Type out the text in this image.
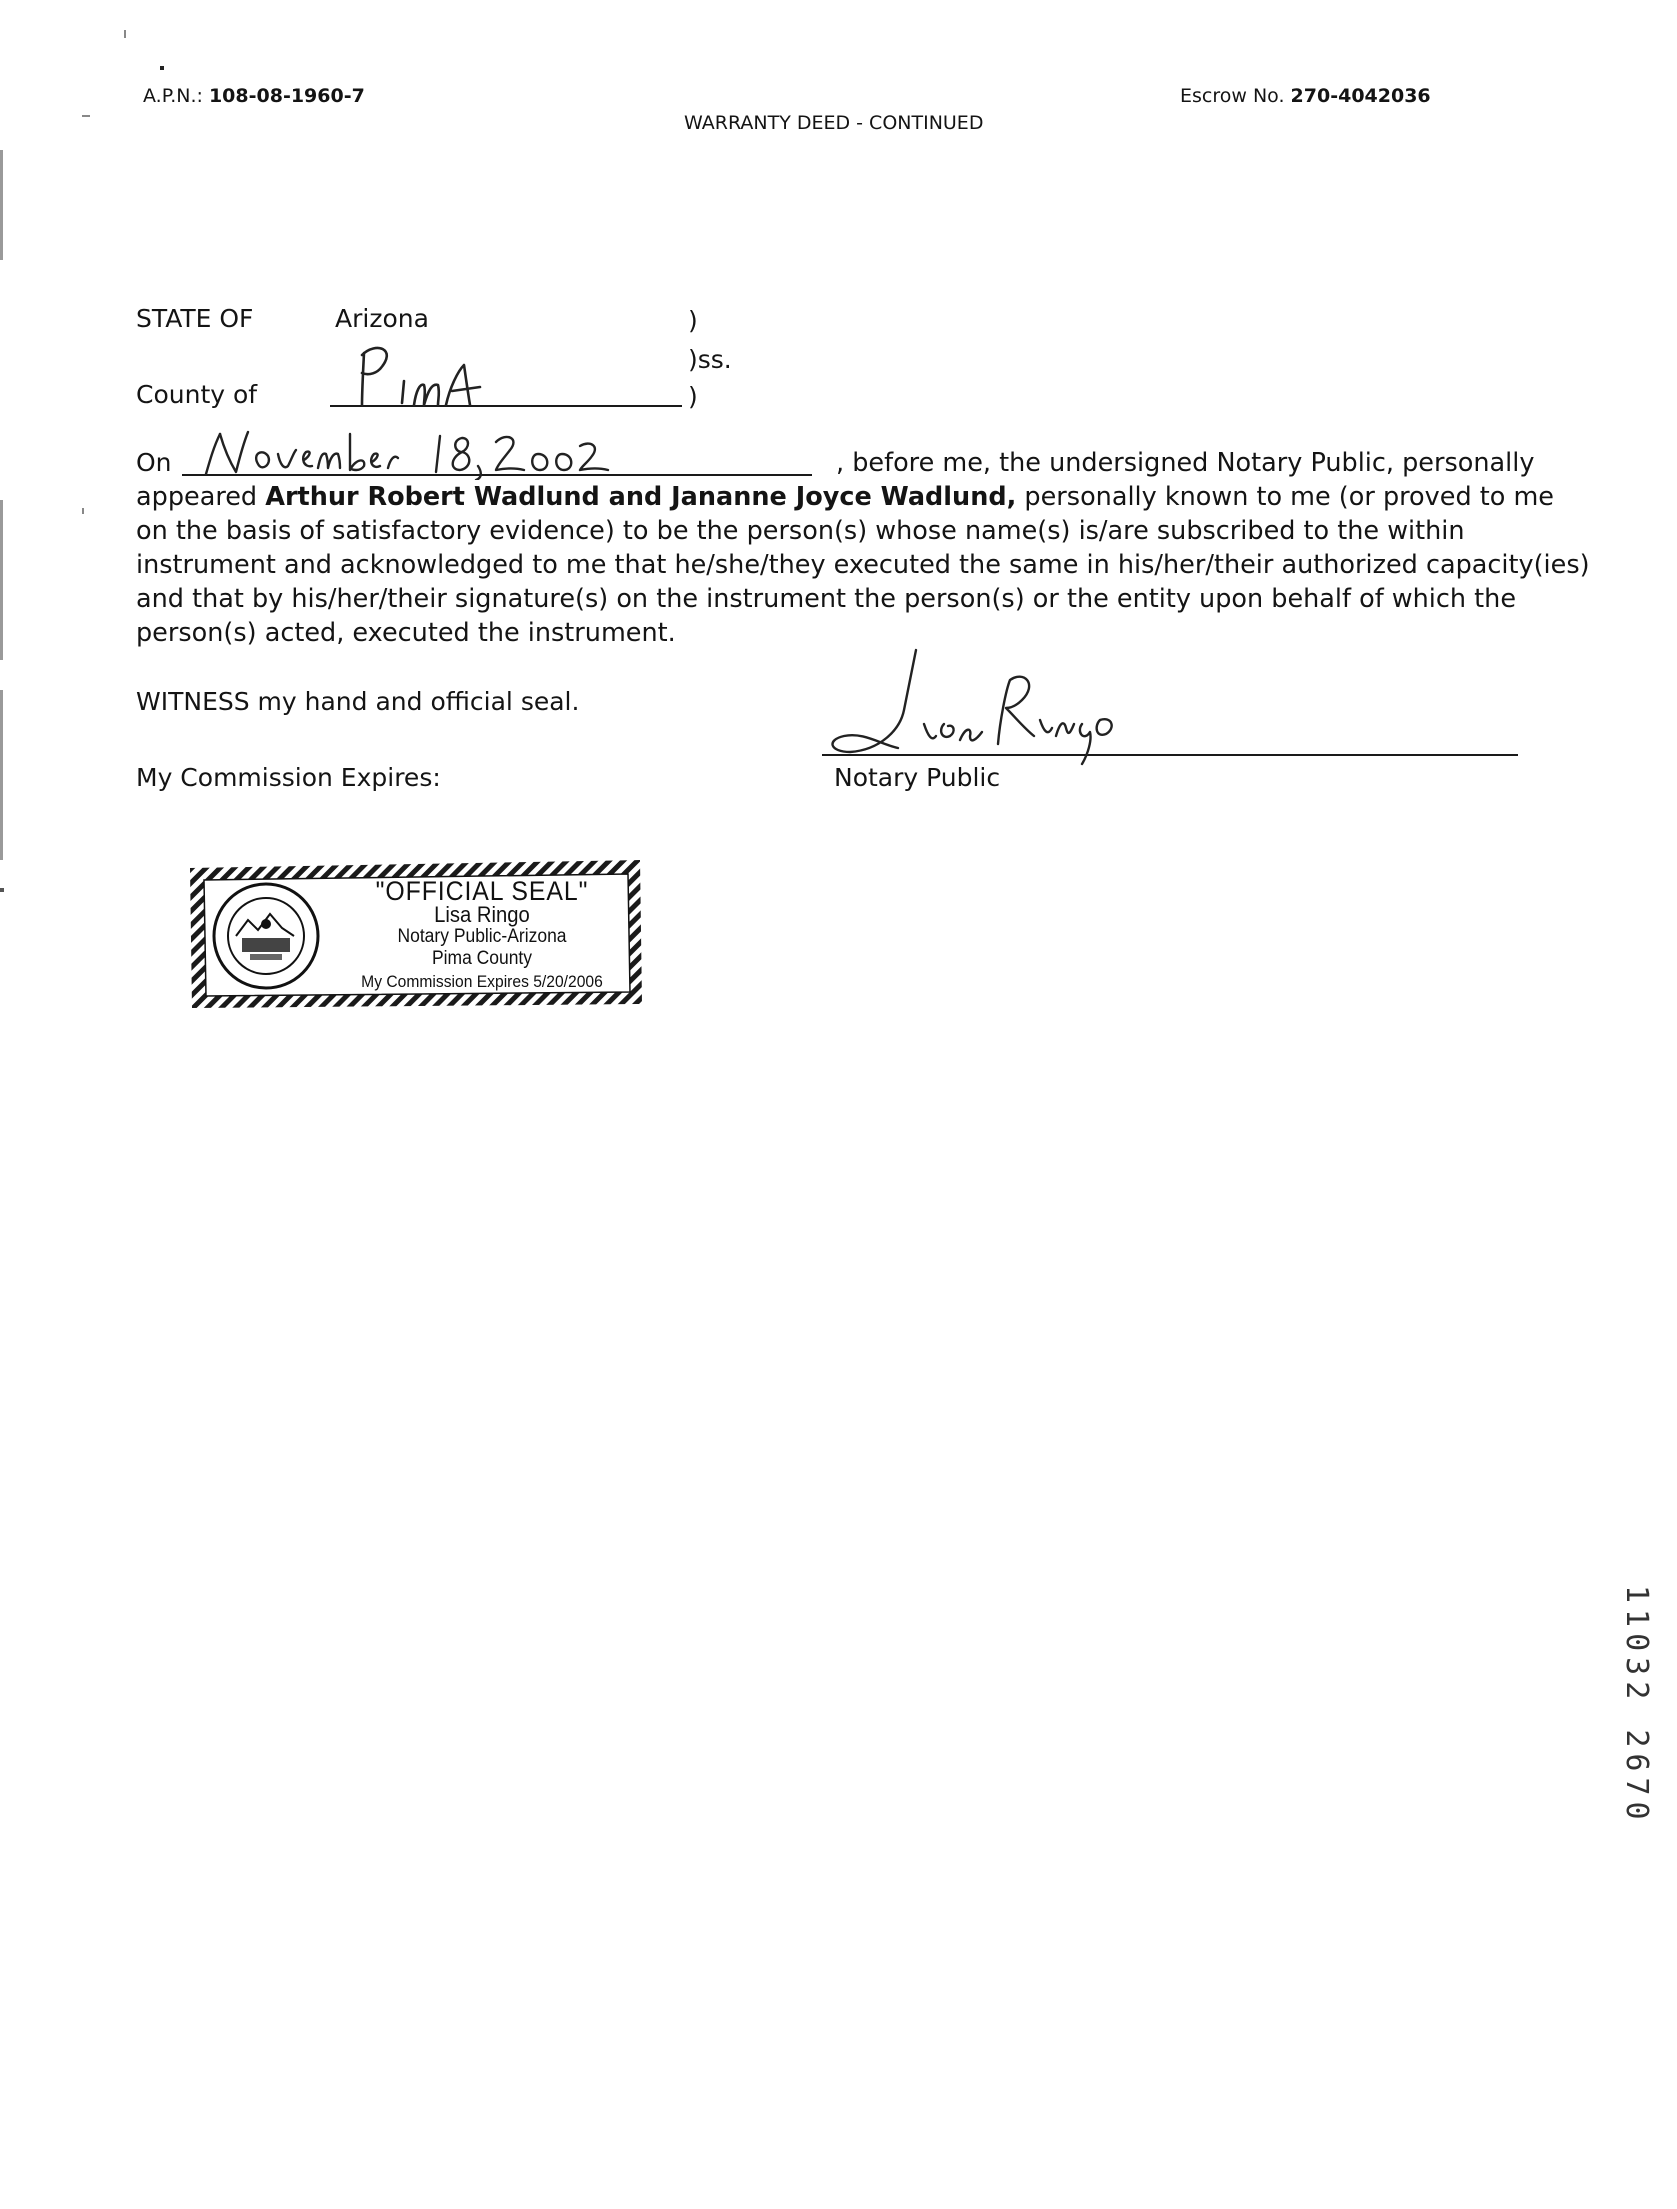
A.P.N.: 108-08-1960-7	Escrow No. 270-4042036
WARRANTY DEED - CONTINUED
STATE OF	Arizona	)
)ss.
County of	)
On	, before me, the undersigned Notary Public, personally
appeared Arthur Robert Wadlund and Jananne Joyce Wadlund, personally known to me (or proved to me
on the basis of satisfactory evidence) to be the person(s) whose name(s) is/are subscribed to the within
instrument and acknowledged to me that he/she/they executed the same in his/her/their authorized capacity(ies)
and that by his/her/their signature(s) on the instrument the person(s) or the entity upon behalf of which the
person(s) acted, executed the instrument.
WITNESS my hand and official seal.
My Commission Expires:	Notary Public
"OFFICIAL SEAL"
Lisa Ringo
Notary Public-Arizona
Pima County
My Commission Expires 5/20/2006
11032 2670
